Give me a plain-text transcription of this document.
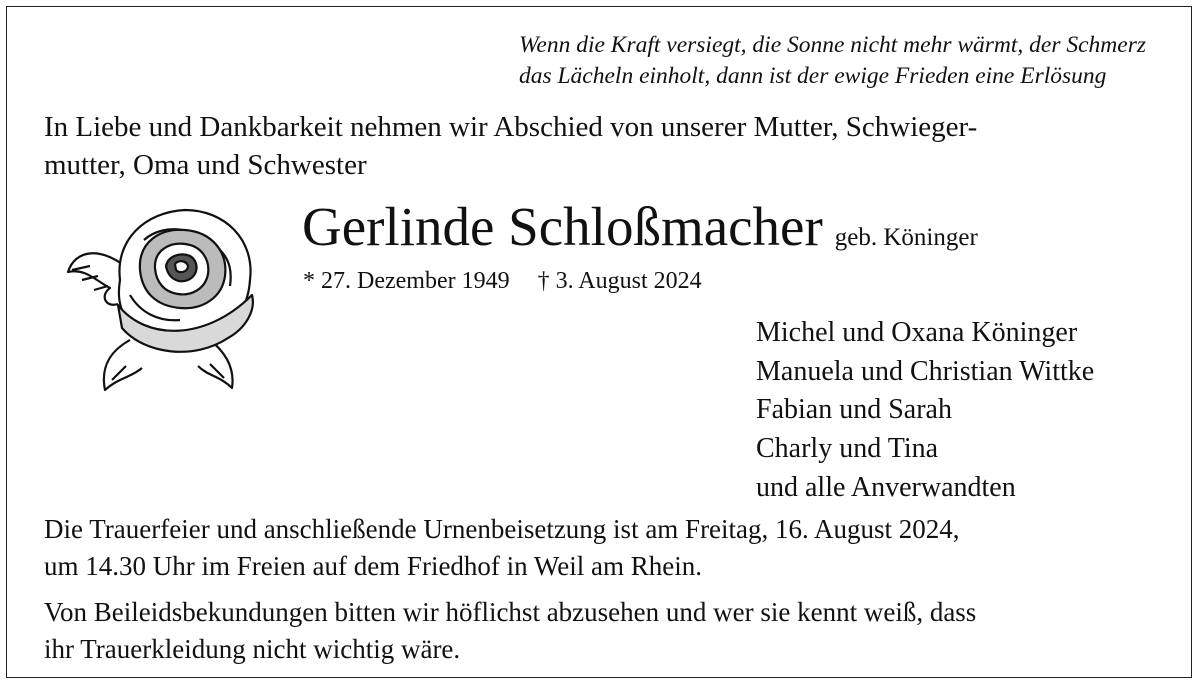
Wenn die Kraft versiegt, die Sonne nicht mehr wärmt, der Schmerz
das Lächeln einholt, dann ist der ewige Frieden eine Erlösung
In Liebe und Dankbarkeit nehmen wir Abschied von unserer Mutter, Schwieger-
mutter, Oma und Schwester
Gerlinde Schloßmacher geb. Köninger
* 27. Dezember 1949 † 3. August 2024
Michel und Oxana Köninger
Manuela und Christian Wittke
Fabian und Sarah
Charly und Tina
und alle Anverwandten
Die Trauerfeier und anschließende Urnenbeisetzung ist am Freitag, 16. August 2024,
um 14.30 Uhr im Freien auf dem Friedhof in Weil am Rhein.
Von Beileidsbekundungen bitten wir höflichst abzusehen und wer sie kennt weiß, dass
ihr Trauerkleidung nicht wichtig wäre.
